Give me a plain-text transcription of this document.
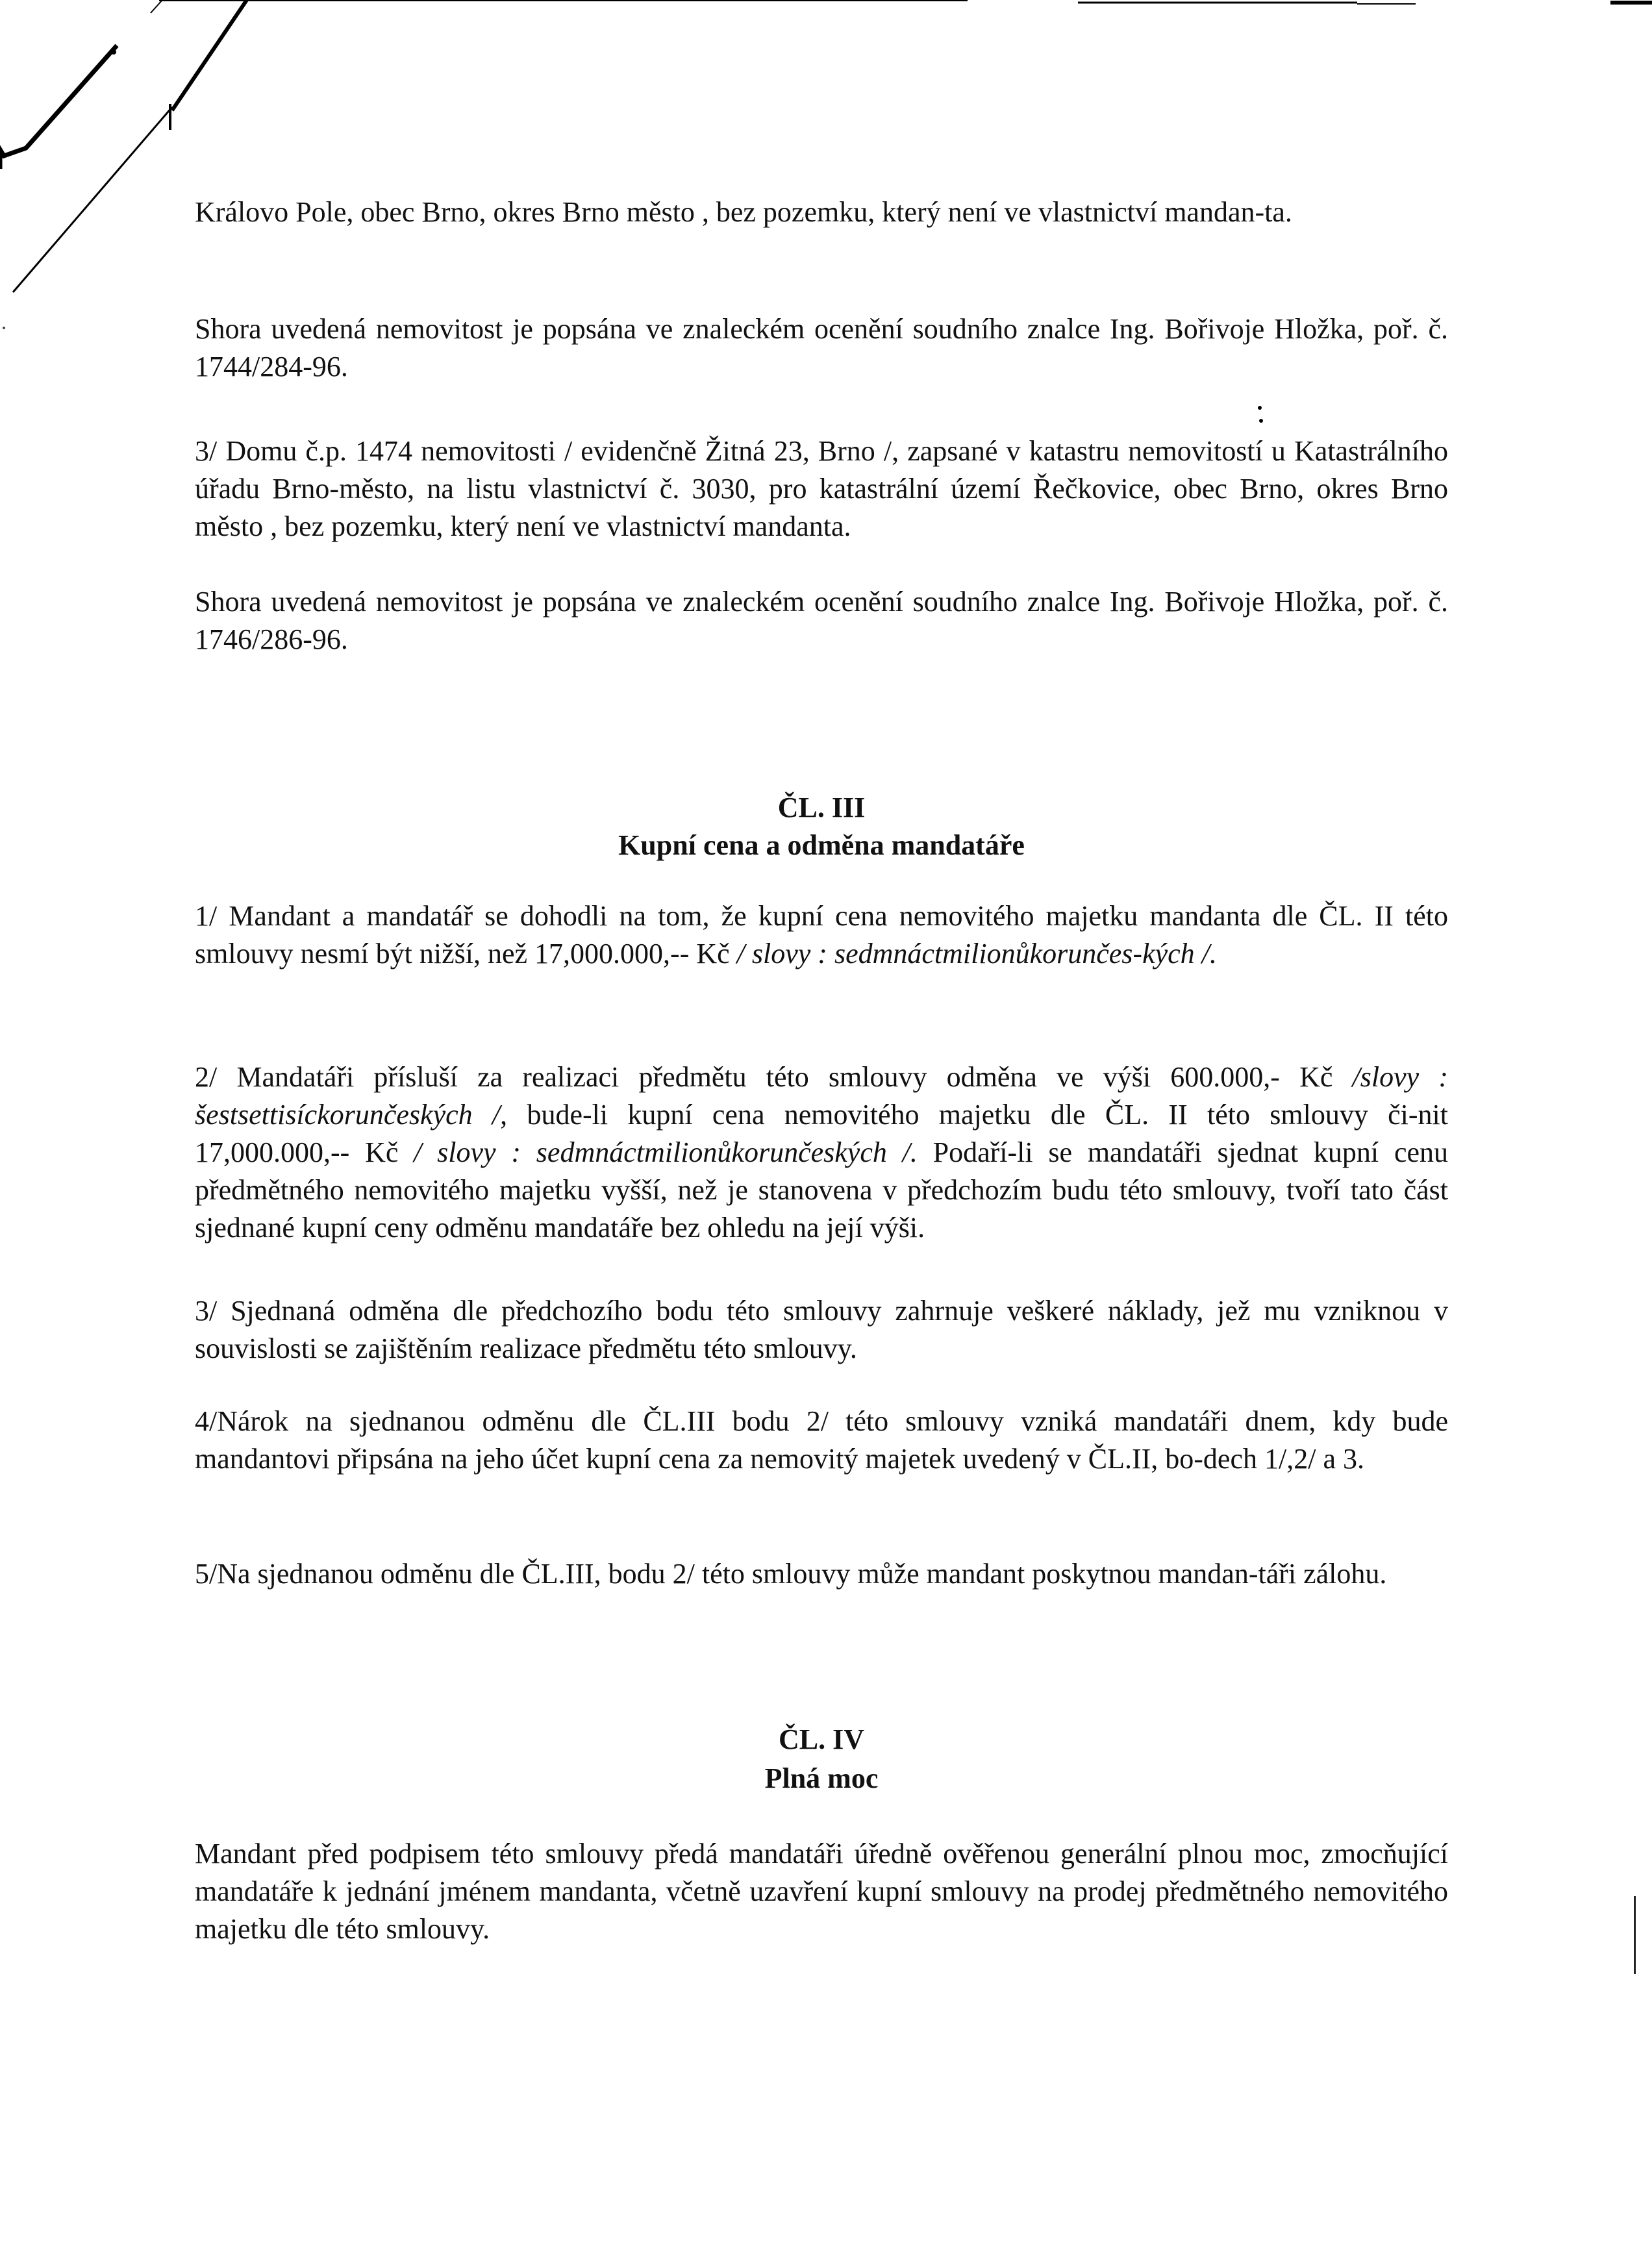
Královo Pole, obec Brno, okres Brno město , bez pozemku, který není ve vlastnictví mandan-ta.

Shora uvedená nemovitost je popsána ve znaleckém ocenění soudního znalce Ing. Bořivoje Hložka, poř. č. 1744/284-96.

3/ Domu č.p. 1474 nemovitosti / evidenčně Žitná 23, Brno /, zapsané v katastru nemovitostí u Katastrálního úřadu Brno-město, na listu vlastnictví č. 3030, pro katastrální území Řečkovice, obec Brno, okres Brno město , bez pozemku, který není ve vlastnictví mandanta.

Shora uvedená nemovitost je popsána ve znaleckém ocenění soudního znalce Ing. Bořivoje Hložka, poř. č. 1746/286-96.

ČL. III
Kupní cena a odměna mandatáře

1/ Mandant a mandatář se dohodli na tom, že kupní cena nemovitého majetku mandanta dle ČL. II této smlouvy nesmí být nižší, než 17,000.000,-- Kč / slovy : sedmnáctmilionůkorunčes-kých /.

2/ Mandatáři přísluší za realizaci předmětu této smlouvy odměna ve výši 600.000,- Kč /slovy : šestsettisíckorunčeských /, bude-li kupní cena nemovitého majetku dle ČL. II této smlouvy či-nit 17,000.000,-- Kč / slovy : sedmnáctmilionůkorunčeských /. Podaří-li se mandatáři sjednat kupní cenu předmětného nemovitého majetku vyšší, než je stanovena v předchozím budu této smlouvy, tvoří tato část sjednané kupní ceny odměnu mandatáře bez ohledu na její výši.

3/ Sjednaná odměna dle předchozího bodu této smlouvy zahrnuje veškeré náklady, jež mu vzniknou v souvislosti se zajištěním realizace předmětu této smlouvy.

4/Nárok na sjednanou odměnu dle ČL.III bodu 2/ této smlouvy vzniká mandatáři dnem, kdy bude mandantovi připsána na jeho účet kupní cena za nemovitý majetek uvedený v ČL.II, bo-dech 1/,2/ a 3.

5/Na sjednanou odměnu dle ČL.III, bodu 2/ této smlouvy může mandant poskytnou mandan-táři zálohu.

ČL. IV
Plná moc

Mandant před podpisem této smlouvy předá mandatáři úředně ověřenou generální plnou moc, zmocňující mandatáře k jednání jménem mandanta, včetně uzavření kupní smlouvy na prodej předmětného nemovitého majetku dle této smlouvy.
